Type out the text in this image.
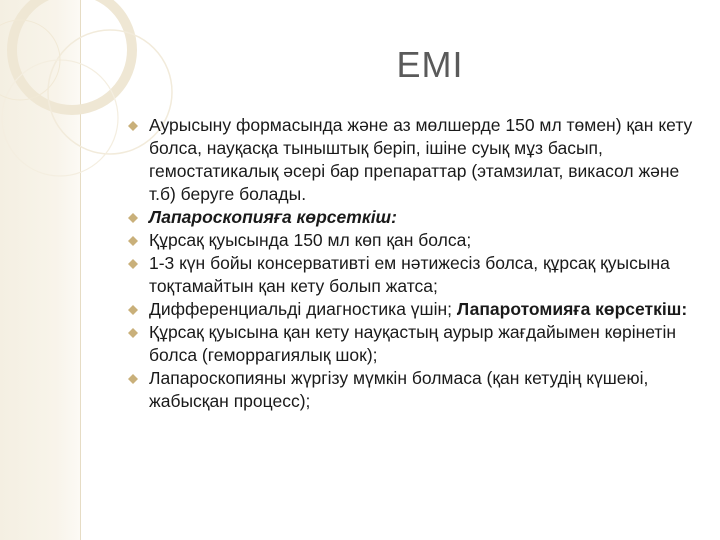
ЕМІ
Аурысыну формасында және аз мөлшерде 150 мл төмен) қан кету болса, науқасқа тыныштық беріп, ішіне суық мұз басып, гемостатикалық әсері бар препараттар (этамзилат, викасол және т.б) беруге болады.
Лапароскопияға көрсеткіш:
Құрсақ қуысында 150 мл көп қан болса;
1-3 күн бойы консервативті ем нәтижесіз болса, құрсақ қуысына тоқтамайтын қан кету болып жатса;
Дифференциальді диагностика үшін; Лапаротомияға көрсеткіш:
Құрсақ қуысына қан кету науқастың аурыр жағдайымен көрінетін болса (геморрагиялық шок);
Лапароскопияны жүргізу мүмкін болмаса (қан кетудің күшеюі, жабысқан процесс);
